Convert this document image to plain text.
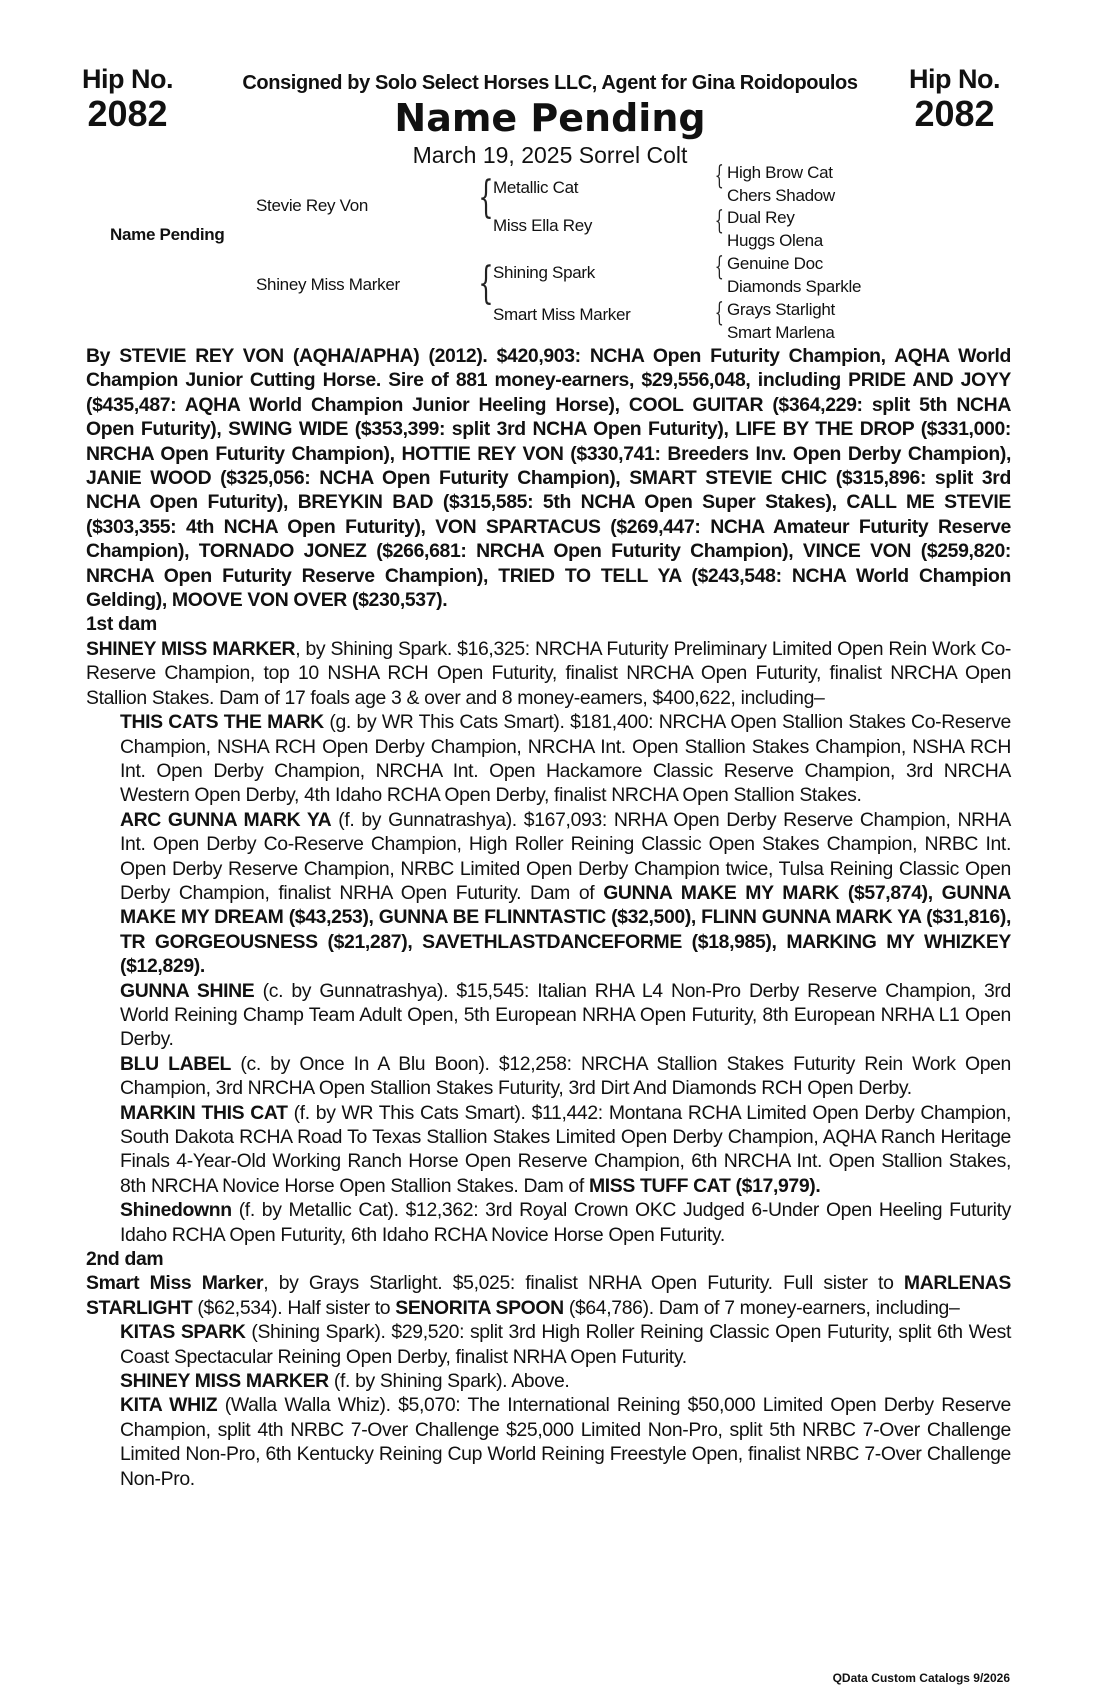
Hip No.
2082
Hip No.
2082
Consigned by Solo Select Horses LLC, Agent for Gina Roidopoulos
Name Pending
March 19, 2025 Sorrel Colt
Name Pending
Stevie Rey Von
Shiney Miss Marker
{ Metallic Cat
Miss Ella Rey
{ Shining Spark
Smart Miss Marker
{ High Brow Cat
Chers Shadow
{ Dual Rey
Huggs Olena
{ Genuine Doc
Diamonds Sparkle
{ Grays Starlight
Smart Marlena

By STEVIE REY VON (AQHA/APHA) (2012). $420,903: NCHA Open Futurity Champion, AQHA World Champion Junior Cutting Horse. Sire of 881 money-earners, $29,556,048, including PRIDE AND JOYY ($435,487: AQHA World Champion Junior Heeling Horse), COOL GUITAR ($364,229: split 5th NCHA Open Futurity), SWING WIDE ($353,399: split 3rd NCHA Open Futurity), LIFE BY THE DROP ($331,000: NRCHA Open Futurity Champion), HOTTIE REY VON ($330,741: Breeders Inv. Open Derby Champion), JANIE WOOD ($325,056: NCHA Open Futurity Champion), SMART STEVIE CHIC ($315,896: split 3rd NCHA Open Futurity), BREYKIN BAD ($315,585: 5th NCHA Open Super Stakes), CALL ME STEVIE ($303,355: 4th NCHA Open Futurity), VON SPARTACUS ($269,447: NCHA Amateur Futurity Reserve Champion), TORNADO JONEZ ($266,681: NRCHA Open Futurity Champion), VINCE VON ($259,820: NRCHA Open Futurity Reserve Champion), TRIED TO TELL YA ($243,548: NCHA World Champion Gelding), MOOVE VON OVER ($230,537).

1st dam

SHINEY MISS MARKER, by Shining Spark. $16,325: NRCHA Futurity Preliminary Limited Open Rein Work Co-Reserve Champion, top 10 NSHA RCH Open Futurity, finalist NRCHA Open Futurity, finalist NRCHA Open Stallion Stakes. Dam of 17 foals age 3 & over and 8 money-eamers, $400,622, including–

THIS CATS THE MARK (g. by WR This Cats Smart). $181,400: NRCHA Open Stallion Stakes Co-Reserve Champion, NSHA RCH Open Derby Champion, NRCHA Int. Open Stallion Stakes Champion, NSHA RCH Int. Open Derby Champion, NRCHA Int. Open Hackamore Classic Reserve Champion, 3rd NRCHA Western Open Derby, 4th Idaho RCHA Open Derby, finalist NRCHA Open Stallion Stakes.

ARC GUNNA MARK YA (f. by Gunnatrashya). $167,093: NRHA Open Derby Reserve Champion, NRHA Int. Open Derby Co-Reserve Champion, High Roller Reining Classic Open Stakes Champion, NRBC Int. Open Derby Reserve Champion, NRBC Limited Open Derby Champion twice, Tulsa Reining Classic Open Derby Champion, finalist NRHA Open Futurity. Dam of GUNNA MAKE MY MARK ($57,874), GUNNA MAKE MY DREAM ($43,253), GUNNA BE FLINNTASTIC ($32,500), FLINN GUNNA MARK YA ($31,816), TR GORGEOUSNESS ($21,287), SAVETHLASTDANCEFORME ($18,985), MARKING MY WHIZKEY ($12,829).

GUNNA SHINE (c. by Gunnatrashya). $15,545: Italian RHA L4 Non-Pro Derby Reserve Champion, 3rd World Reining Champ Team Adult Open, 5th European NRHA Open Futurity, 8th European NRHA L1 Open Derby.

BLU LABEL (c. by Once In A Blu Boon). $12,258: NRCHA Stallion Stakes Futurity Rein Work Open Champion, 3rd NRCHA Open Stallion Stakes Futurity, 3rd Dirt And Diamonds RCH Open Derby.

MARKIN THIS CAT (f. by WR This Cats Smart). $11,442: Montana RCHA Limited Open Derby Champion, South Dakota RCHA Road To Texas Stallion Stakes Limited Open Derby Champion, AQHA Ranch Heritage Finals 4-Year-Old Working Ranch Horse Open Reserve Champion, 6th NRCHA Int. Open Stallion Stakes, 8th NRCHA Novice Horse Open Stallion Stakes. Dam of MISS TUFF CAT ($17,979).

Shinedownn (f. by Metallic Cat). $12,362: 3rd Royal Crown OKC Judged 6-Under Open Heeling Futurity Idaho RCHA Open Futurity, 6th Idaho RCHA Novice Horse Open Futurity.

2nd dam

Smart Miss Marker, by Grays Starlight. $5,025: finalist NRHA Open Futurity. Full sister to MARLENAS STARLIGHT ($62,534). Half sister to SENORITA SPOON ($64,786). Dam of 7 money-earners, including–

KITAS SPARK (Shining Spark). $29,520: split 3rd High Roller Reining Classic Open Futurity, split 6th West Coast Spectacular Reining Open Derby, finalist NRHA Open Futurity.

SHINEY MISS MARKER (f. by Shining Spark). Above.

KITA WHIZ (Walla Walla Whiz). $5,070: The International Reining $50,000 Limited Open Derby Reserve Champion, split 4th NRBC 7-Over Challenge $25,000 Limited Non-Pro, split 5th NRBC 7-Over Challenge Limited Non-Pro, 6th Kentucky Reining Cup World Reining Freestyle Open, finalist NRBC 7-Over Challenge Non-Pro.

QData Custom Catalogs 9/2026
